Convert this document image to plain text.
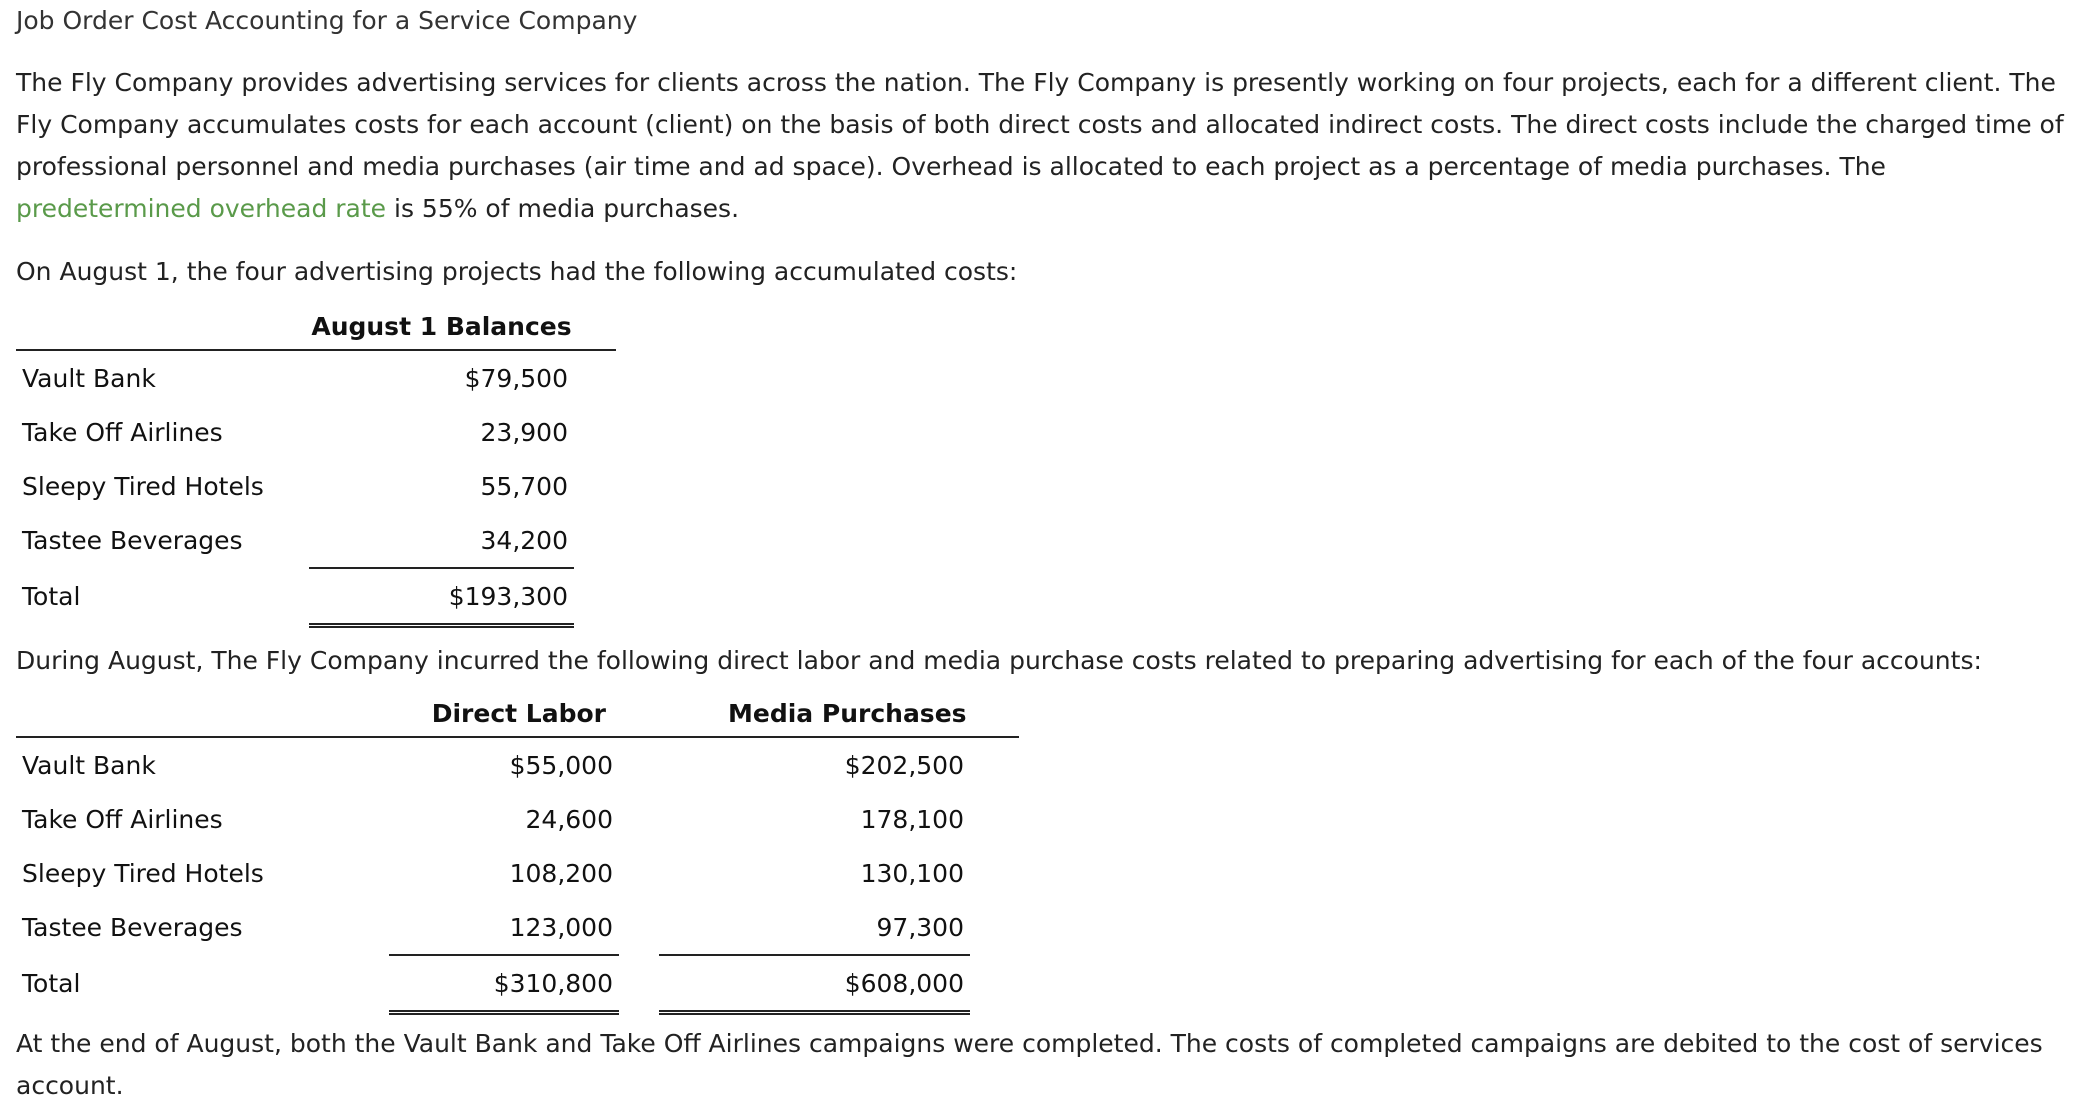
Job Order Cost Accounting for a Service Company

The Fly Company provides advertising services for clients across the nation. The Fly Company is presently working on four projects, each for a different client. The Fly Company accumulates costs for each account (client) on the basis of both direct costs and allocated indirect costs. The direct costs include the charged time of professional personnel and media purchases (air time and ad space). Overhead is allocated to each project as a percentage of media purchases. The predetermined overhead rate is 55% of media purchases.

On August 1, the four advertising projects had the following accumulated costs:

	August 1 Balances	
Vault Bank	$79,500	

Take Off Airlines	23,900	

Sleepy Tired Hotels	55,700	

Tastee Beverages	34,200	

Total	$193,300	

During August, The Fly Company incurred the following direct labor and media purchase costs related to preparing advertising for each of the four accounts:

	Direct Labor		Media Purchases	
Vault Bank	$55,000		$202,500	

Take Off Airlines	24,600		178,100	

Sleepy Tired Hotels	108,200		130,100	

Tastee Beverages	123,000		97,300	

Total	$310,800		$608,000	

At the end of August, both the Vault Bank and Take Off Airlines campaigns were completed. The costs of completed campaigns are debited to the cost of services account.
